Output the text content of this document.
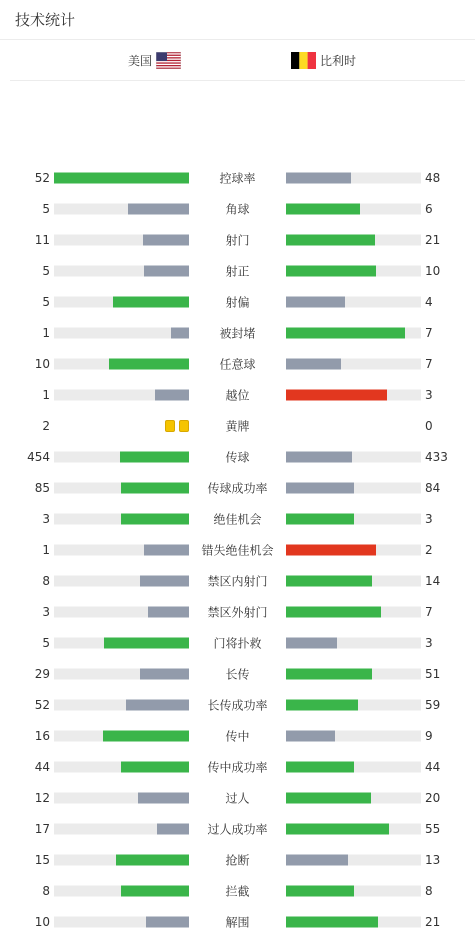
技术统计
美国	比利时
52	控球率	48
5	角球	6
11	射门	21
5	射正	10
5	射偏	4
1	被封堵	7
10	任意球	7
1	越位	3
2	黄牌	0
454	传球	433
85	传球成功率	84
3	绝佳机会	3
1	错失绝佳机会	2
8	禁区内射门	14
3	禁区外射门	7
5	门将扑救	3
29	长传	51
52	长传成功率	59
16	传中	9
44	传中成功率	44
12	过人	20
17	过人成功率	55
15	抢断	13
8	拦截	8
10	解围	21
